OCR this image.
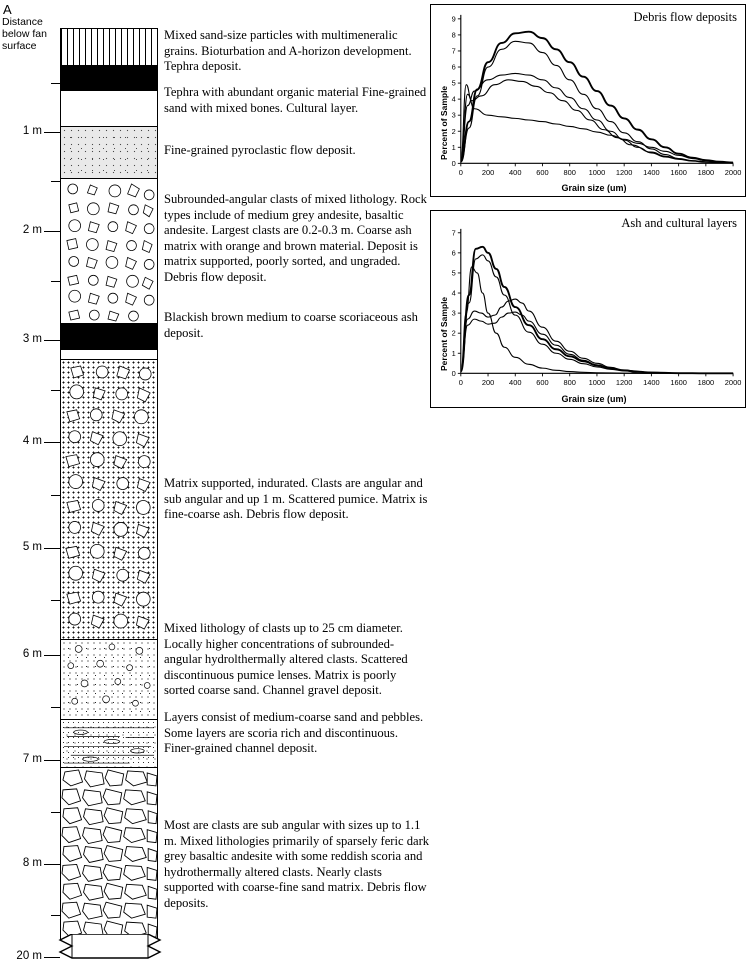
A
Distance below fan surface
1 m
2 m
3 m
4 m
5 m
6 m
7 m
8 m
20 m
Mixed sand-size particles with multimeneralic grains. Bioturbation and A-horizon development. Tephra deposit.
Tephra with abundant organic material Fine-grained sand with mixed bones. Cultural layer.
Fine-grained pyroclastic flow deposit.
Subrounded-angular clasts of mixed lithology. Rock types include of medium grey andesite, basaltic andesite. Largest clasts are 0.2-0.3 m. Coarse ash matrix with orange and brown material. Deposit is matrix supported, poorly sorted, and ungraded. Debris flow deposit.
Blackish brown medium to coarse scoriaceous ash deposit.
Matrix supported, indurated. Clasts are angular and sub angular and up 1 m. Scattered pumice. Matrix is fine-coarse ash. Debris flow deposit.
Mixed lithology of clasts up to 25 cm diameter. Locally higher concentrations of subrounded-angular hydrolthermally altered clasts. Scattered discontinuous pumice lenses. Matrix is poorly sorted coarse sand. Channel gravel deposit.
Layers consist of medium-coarse sand and pebbles. Some layers are scoria rich and discontinuous. Finer-grained channel deposit.
Most are clasts are sub angular with sizes up to 1.1 m. Mixed lithologies primarily of sparsely feric dark grey basaltic andesite with some reddish scoria and hydrothermally altered clasts. Nearly clasts supported with coarse-fine sand matrix. Debris flow deposits.
Debris flow deposits
0
1
2
3
4
5
6
7
8
9
0	200 400 600 800 1000 1200 1400 1600 1800 2000
Percent of Sample
Grain size (um)
Ash and cultural layers
0
1
2
3
4
5
6
7
0	200 400 600 800 1000 1200 1400 1600 1800 2000
Percent of Sample
Grain size (um)
